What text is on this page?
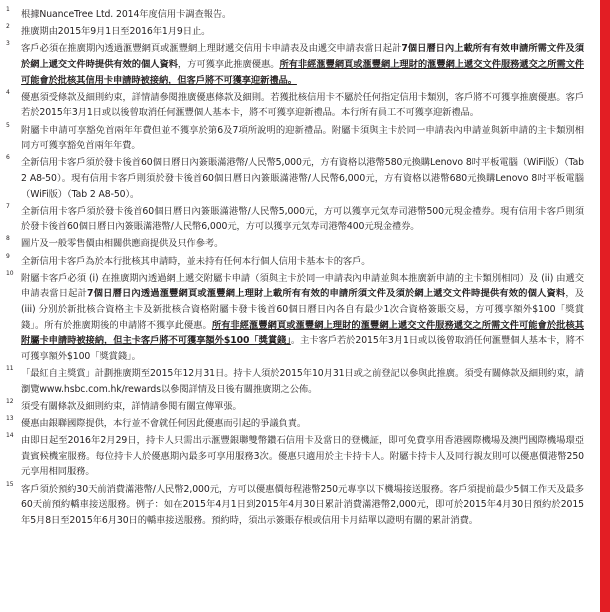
1 根據NuanceTree Ltd. 2014年度信用卡調查報告。
2 推廣期由2015年9月1日至2016年1月9日止。
3 客戶必須在推廣期內透過滙豐網頁或滙豐網上理財遞交信用卡申請表及由遞交申請表當日起計7個日曆日內上載所有有效申請所需文件及須於網上遞交文件時提供有效的個人資料，方可獲享此推廣優惠。所有非經滙豐網頁或滙豐網上理財的滙豐網上遞交文件服務遞交之所需文件可能會於批核其信用卡申請時被接納，但客戶將不可獲享迎新禮品。
4 優惠須受條款及細則約束，詳情請參閱推廣優惠條款及細則。若獲批核信用卡不屬於任何指定信用卡類別，客戶將不可獲享推廣優惠。客戶若於2015年3月1日或以後曾取消任何滙豐個人基本卡，將不可獲享迎新禮品。本行所有員工不可獲享迎新禮品。
5 附屬卡申請可享豁免首兩年年費但並不獲享於第6及7項所說明的迎新禮品。附屬卡須與主卡於同一申請表內申請並與新申請的主卡類別相同方可獲享豁免首兩年年費。
6 全新信用卡客戶須於發卡後首60個日曆日內簽賬滿港幣/人民幣5,000元，方有資格以港幣580元換購Lenovo 8吋平板電腦（WiFi版）（Tab 2 A8-50）。現有信用卡客戶則須於發卡後首60個日曆日內簽賬滿港幣/人民幣6,000元，方有資格以港幣680元換購Lenovo 8吋平板電腦（WiFi版）（Tab 2 A8-50）。
7 全新信用卡客戶須於發卡後首60個日曆日內簽賬滿港幣/人民幣5,000元，方可以獲享元気寿司港幣500元現金禮券。現有信用卡客戶則須於發卡後首60個日曆日內簽賬滿港幣/人民幣6,000元，方可以獲享元気寿司港幣400元現金禮券。
8 圖片及一般零售價由相關供應商提供及只作參考。
9 全新信用卡客戶為於本行批核其申請時，並未持有任何本行個人信用卡基本卡的客戶。
10 附屬卡客戶必須 (i) 在推廣期內透過網上遞交附屬卡申請（須與主卡於同一申請表內申請並與本推廣新申請的主卡類別相同）及 (ii) 由遞交申請表當日起計7個日曆日內透過滙豐網頁或滙豐網上理財上載所有有效的申請所須文件及須於網上遞交文件時提供有效的個人資料，及 (iii) 分別於新批核合資格主卡及新批核合資格附屬卡發卡後首60個日曆日內各自有最少1次合資格簽賬交易，方可獲享額外$100「獎賞錢」。所有於推廣期後的申請將不獲享此優惠。所有非經滙豐網頁或滙豐網上理財的滙豐網上遞交文件服務遞交之所需文件可能會於批核其附屬卡申請時被接納，但主卡客戶將不可獲享額外$100「獎賞錢」。主卡客戶若於2015年3月1日或以後曾取消任何滙豐個人基本卡，將不可獲享額外$100「獎賞錢」。
11 「最紅自主獎賞」計劃推廣期至2015年12月31日。持卡人須於2015年10月31日或之前登記以參與此推廣。須受有關條款及細則約束，請瀏覽www.hsbc.com.hk/rewards以參閱詳情及日後有關推廣期之公佈。
12 須受有關條款及細則約束，詳情請參閱有關宣傳單張。
13 優惠由銀聯國際提供，本行並不會就任何因此優惠而引起的爭議負責。
14 由即日起至2016年2月29日，持卡人只需出示滙豐銀聯雙幣鑽石信用卡及當日的登機証，即可免費享用香港國際機場及澳門國際機場環亞貴賓候機室服務。每位持卡人於優惠期內最多可享用服務3次。優惠只適用於主卡持卡人。附屬卡持卡人及同行親友則可以優惠價港幣250元享用相同服務。
15 客戶須於預約30天前消費滿港幣/人民幣2,000元，方可以優惠價每程港幣250元專享以下機場接送服務。客戶須提前最少5個工作天及最多60天前預約轎車接送服務。例子：如在2015年4月1日到2015年4月30日累計消費滿港幣2,000元，即可於2015年4月30日預約於2015年5月8日至2015年6月30日的轎車接送服務。預約時，須出示簽賬存根或信用卡月結單以證明有關的累計消費。
